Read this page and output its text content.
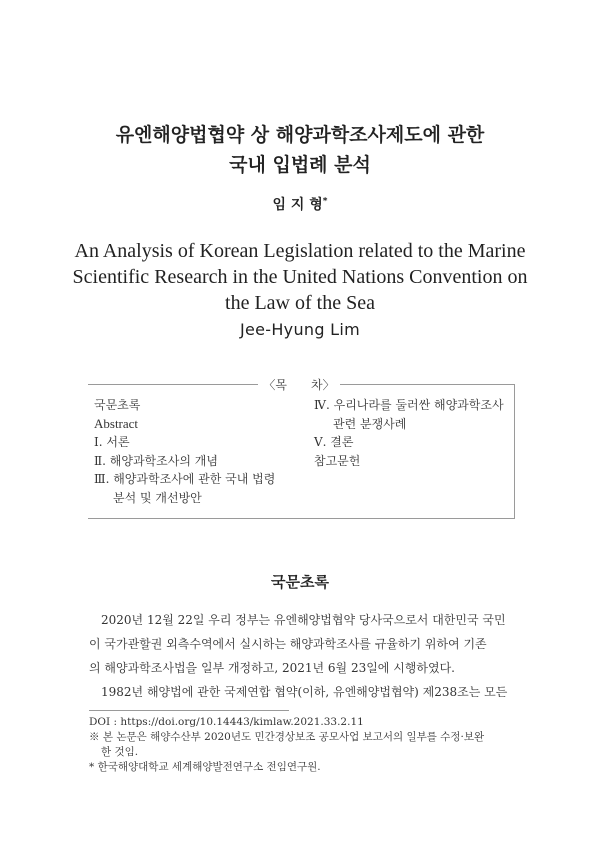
유엔해양법협약 상 해양과학조사제도에 관한
국내 입법례 분석
임 지 형*
An Analysis of Korean Legislation related to the Marine
Scientific Research in the United Nations Convention on
the Law of the Sea
Jee-Hyung Lim
〈목　　차〉
국문초록
Abstract
Ⅰ. 서론
Ⅱ. 해양과학조사의 개념
Ⅲ. 해양과학조사에 관한 국내 법령
분석 및 개선방안
Ⅳ. 우리나라를 둘러싼 해양과학조사
관련 분쟁사례
Ⅴ. 결론
참고문헌
국문초록
　2020년 12월 22일 우리 정부는 유엔해양법협약 당사국으로서 대한민국 국민
이 국가관할권 외측수역에서 실시하는 해양과학조사를 규율하기 위하여 기존
의 해양과학조사법을 일부 개정하고, 2021년 6월 23일에 시행하였다.
　1982년 해양법에 관한 국제연합 협약(이하, 유엔해양법협약) 제238조는 모든
DOI : https://doi.org/10.14443/kimlaw.2021.33.2.11
※ 본 논문은 해양수산부 2020년도 민간경상보조 공모사업 보고서의 일부를 수정·보완
한 것임.
* 한국해양대학교 세계해양발전연구소 전임연구원.
